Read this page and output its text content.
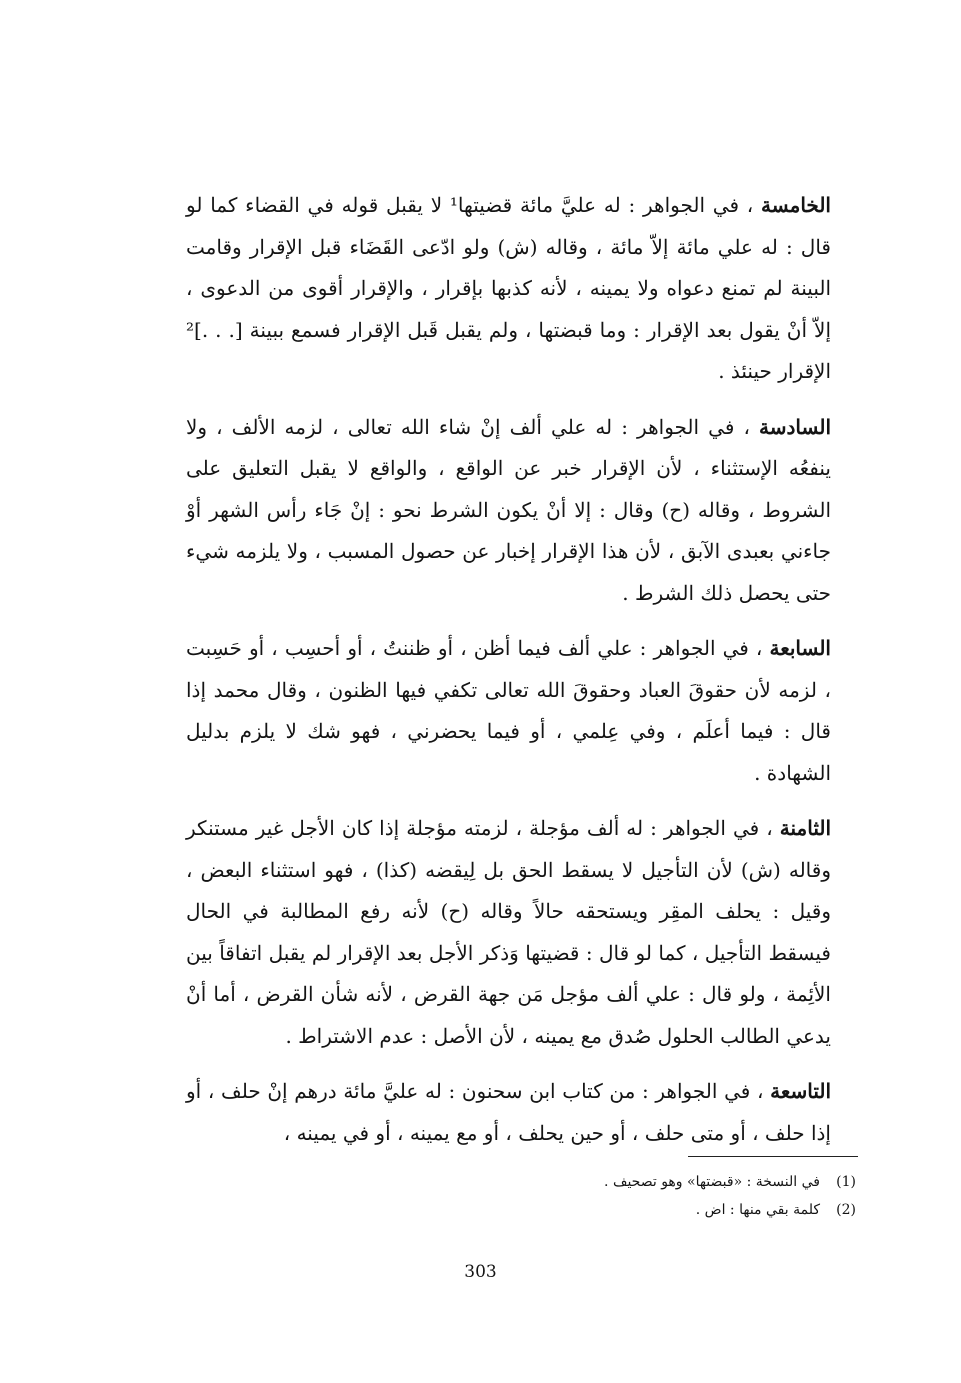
الخامسة ، في الجواهر : له عليَّ مائة قضيتها¹ لا يقبل قوله في القضاء كما لو قال : له علي مائة إلاّ مائة ، وقاله (ش) ولو ادّعى القَضَاء قبل الإقرار وقامت البينة لم تمنع دعواه ولا يمينه ، لأنه كذبها بإقرار ، والإقرار أقوى من الدعوى ، إلاّ أنْ يقول بعد الإقرار : وما قبضتها ، ولم يقبل قَبل الإقرار فسمع ببينة [. . .]² الإقرار حينئذ .

السادسة ، في الجواهر : له علي ألف إنْ شاء الله تعالى ، لزمه الألف ، ولا ينفعُه الإستثناء ، لأن الإقرار خبر عن الواقع ، والواقع لا يقبل التعليق على الشروط ، وقاله (ح) وقال : إلا أنْ يكون الشرط نحو : إنْ جَاء رأس الشهر أوْ جاءني بعبدى الآبق ، لأن هذا الإقرار إخبار عن حصول المسبب ، ولا يلزمه شيء حتى يحصل ذلك الشرط .

السابعة ، في الجواهر : علي ألف فيما أظن ، أو ظننتُ ، أو أحسِب ، أو حَسِبت ، لزمه لأن حقوقَ العباد وحقوقَ الله تعالى تكفي فيها الظنون ، وقال محمد إذا قال : فيما أعلَم ، وفي عِلمي ، أو فيما يحضرني ، فهو شك لا يلزم بدليل الشهادة .

الثامنة ، في الجواهر : له ألف مؤجلة ، لزمته مؤجلة إذا كان الأجل غير مستنكر وقاله (ش) لأن التأجيل لا يسقط الحق بل لِيقضه (كذا) ، فهو استثناء البعض ، وقيل : يحلف المقِر ويستحقه حالاً وقاله (ح) لأنه رفع المطالبة في الحال فيسقط التأجيل ، كما لو قال : قضيتها وَذكر الأجل بعد الإقرار لم يقبل اتفاقاً بين الأئِمة ، ولو قال : علي ألف مؤجل مَن جهة القرض ، لأنه شأن القرض ، أما أنْ يدعي الطالب الحلول صُدق مع يمينه ، لأن الأصل : عدم الاشتراط .

التاسعة ، في الجواهر : من كتاب ابن سحنون : له عليَّ مائة درهم إنْ حلف ، أو إذا حلف ، أو متى حلف ، أو حين يحلف ، أو مع يمينه ، أو في يمينه ،

(1)في النسخة : «قبضتها» وهو تصحيف .

(2)كلمة بقي منها : اض .

303
